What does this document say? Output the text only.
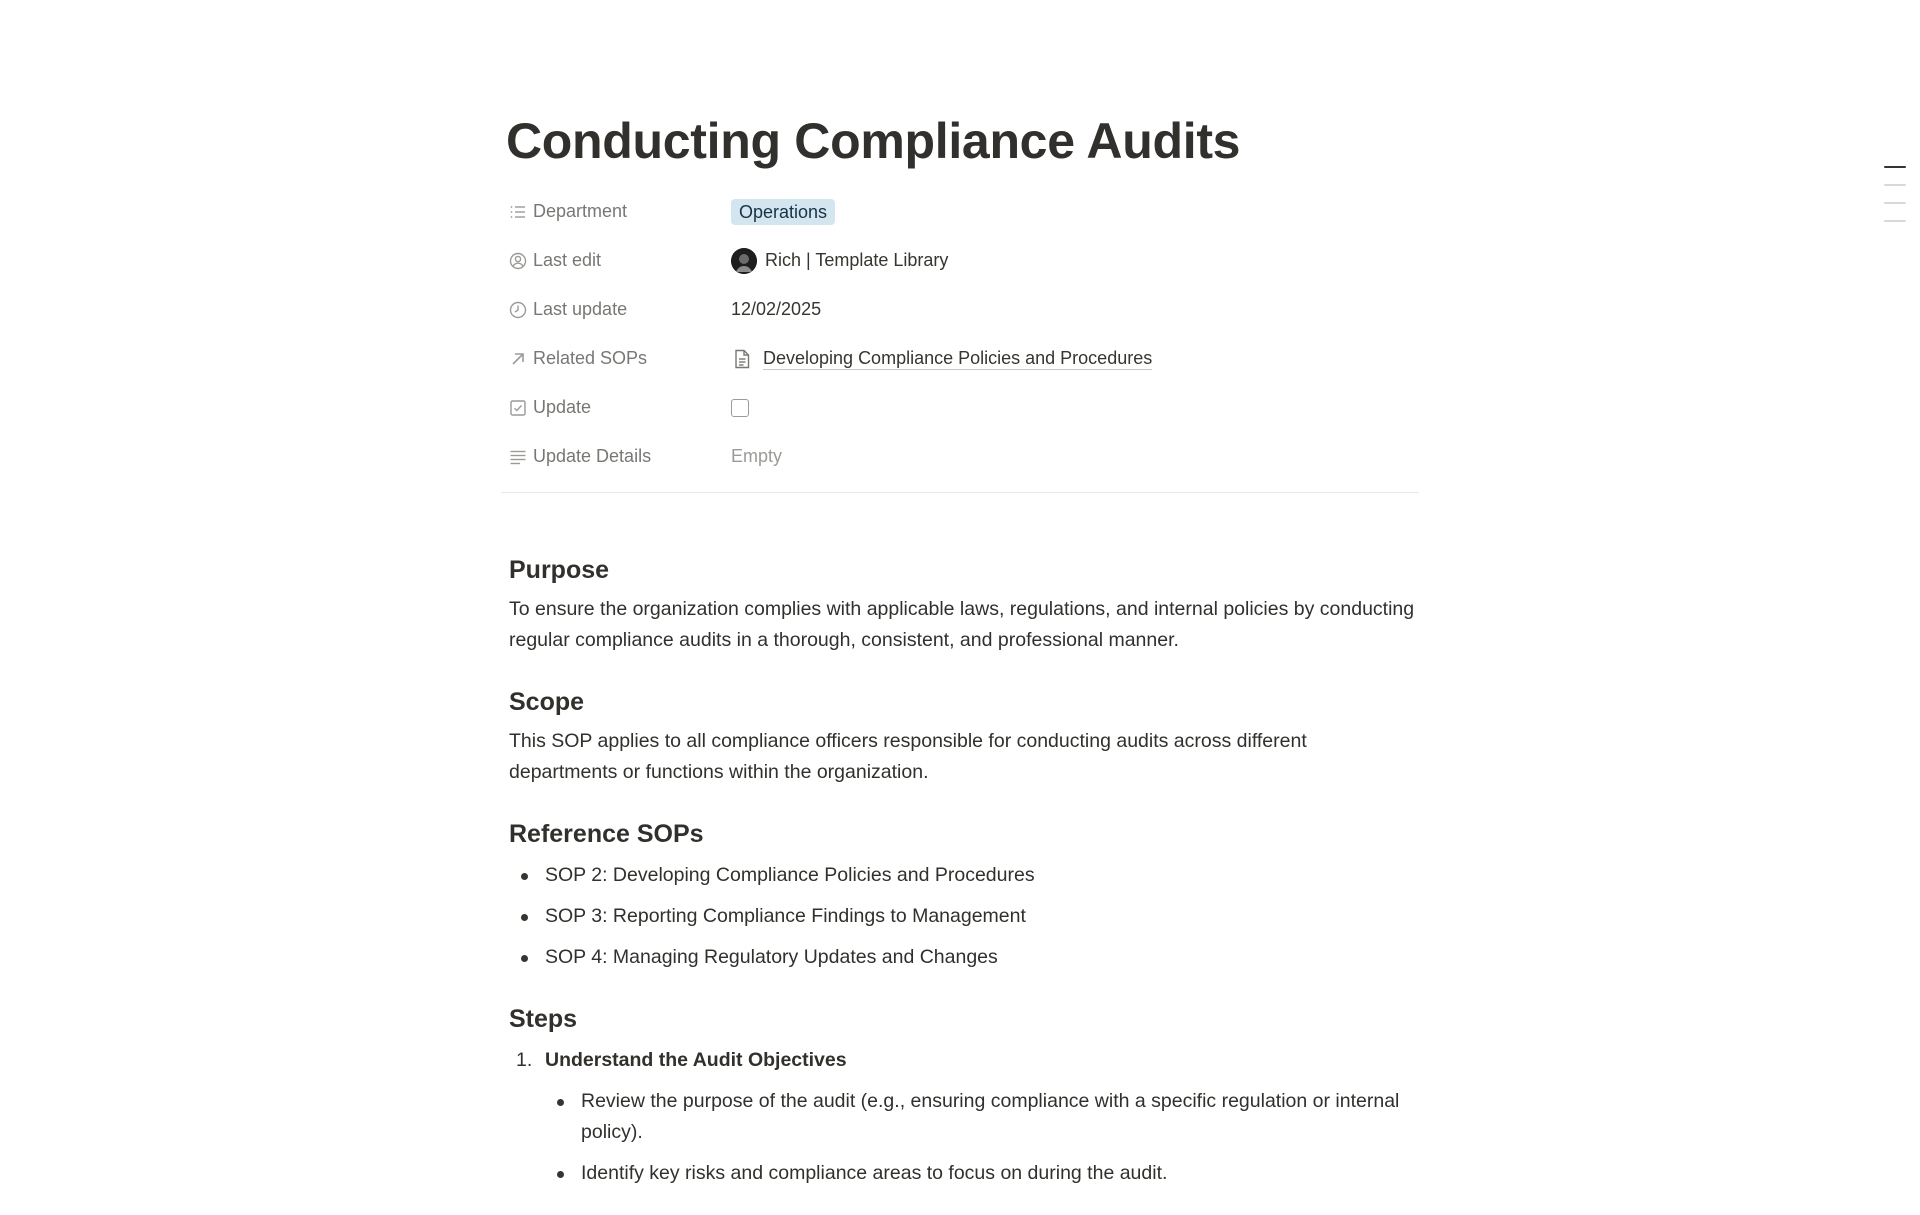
Conducting Compliance Audits
Department	Operations
Last edit	Rich | Template Library
Last update	12/02/2025
Related SOPs	Developing Compliance Policies and Procedures
Update
Update Details	Empty
Purpose

To ensure the organization complies with applicable laws, regulations, and internal policies by conducting regular compliance audits in a thorough, consistent, and professional manner.

Scope

This SOP applies to all compliance officers responsible for conducting audits across different departments or functions within the organization.

Reference SOPs
SOP 2: Developing Compliance Policies and Procedures
SOP 3: Reporting Compliance Findings to Management
SOP 4: Managing Regulatory Updates and Changes
Steps
1. Understand the Audit Objectives
Review the purpose of the audit (e.g., ensuring compliance with a specific regulation or internal policy).
Identify key risks and compliance areas to focus on during the audit.
